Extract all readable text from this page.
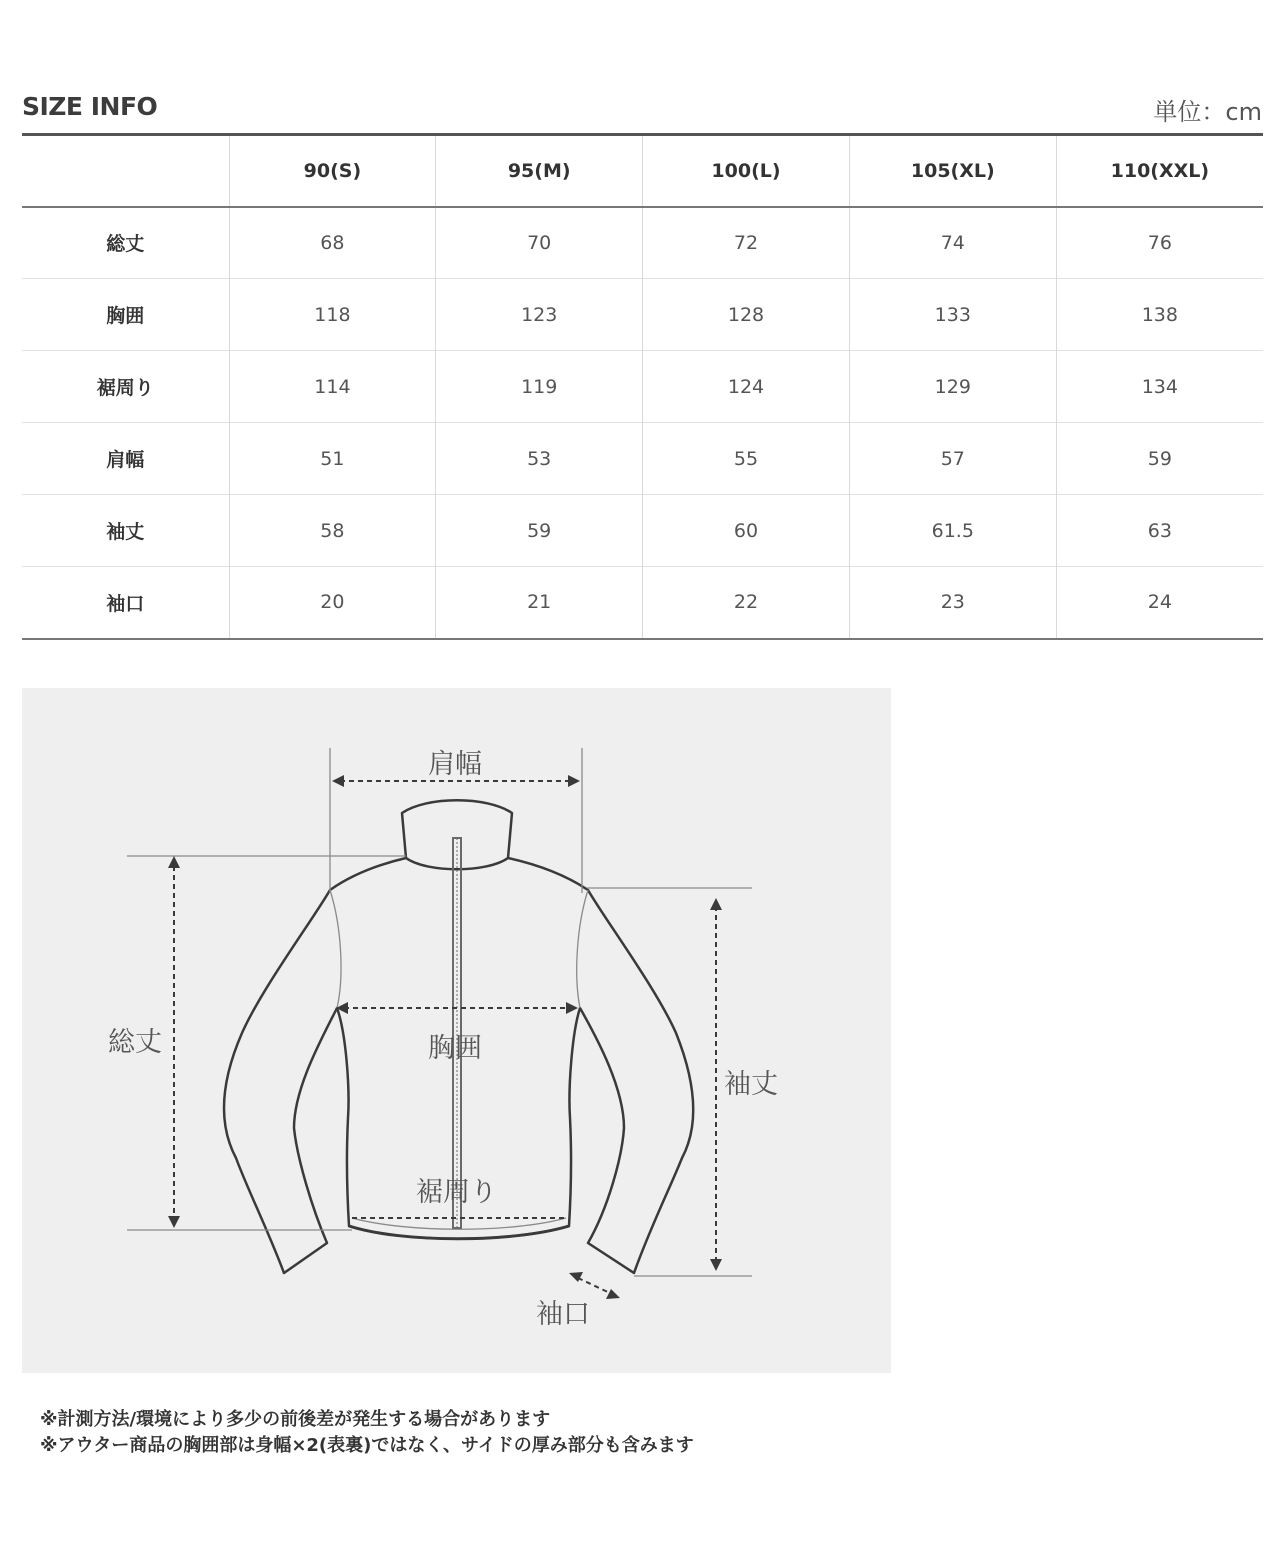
SIZE INFO	単位：cm
	90(S)	95(M)	100(L)	105(XL)	110(XXL)
総丈	68	70	72	74	76
胸囲	118	123	128	133	138
裾周り	114	119	124	129	134
肩幅	51	53	55	57	59
袖丈	58	59	60	61.5	63
袖口	20	21	22	23	24
肩幅
総丈	胸囲
裾周り
袖丈
袖口
※計測方法/環境により多少の前後差が発生する場合があります
※アウター商品の胸囲部は身幅×2(表裏)ではなく、サイドの厚み部分も含みます
